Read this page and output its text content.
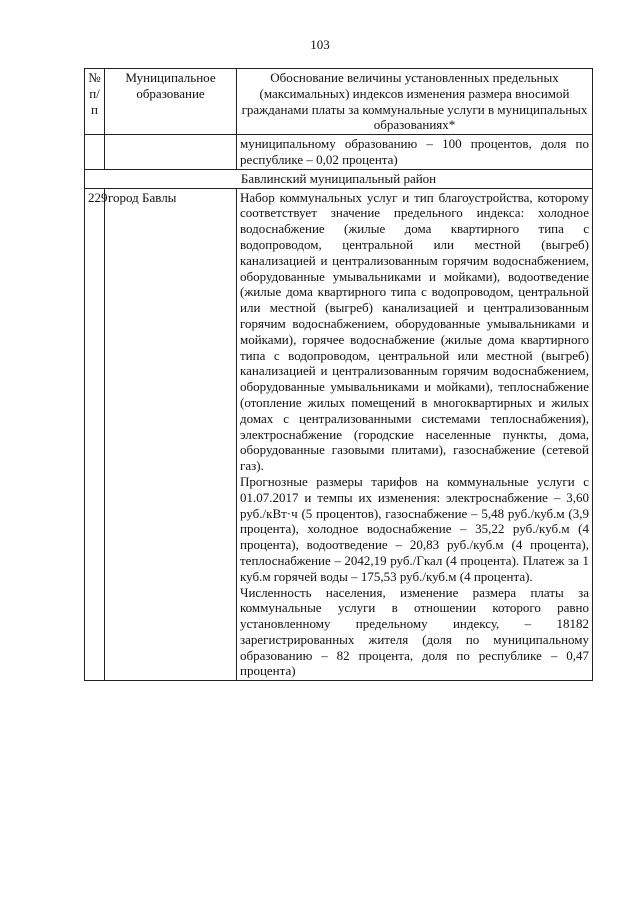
103
№ п/п	Муниципальное образование	Обоснование величины установленных предельных (максимальных) индексов изменения размера вносимой гражданами платы за коммунальные услуги в муниципальных образованиях*
		муниципальному образованию – 100 процентов, доля по республике – 0,02 процента)
Бавлинский муниципальный район		
229	город Бавлы	Набор коммунальных услуг и тип благоустройства, которому соответствует значение предельного индекса: холодное водоснабжение (жилые дома квартирного типа с водопроводом, центральной или местной (выгреб) канализацией и централизованным горячим водоснабжением, оборудованные умывальниками и мойками), водоотведение (жилые дома квартирного типа с водопроводом, центральной или местной (выгреб) канализацией и централизованным горячим водоснабжением, оборудованные умывальниками и мойками), горячее водоснабжение (жилые дома квартирного типа с водопроводом, центральной или местной (выгреб) канализацией и централизованным горячим водоснабжением, оборудованные умывальниками и мойками), теплоснабжение (отопление жилых помещений в многоквартирных и жилых домах с централизованными системами теплоснабжения), электроснабжение (городские населенные пункты, дома, оборудованные газовыми плитами), газоснабжение (сетевой газ).

Прогнозные размеры тарифов на коммунальные услуги с 01.07.2017 и темпы их изменения: электроснабжение – 3,60 руб./кВт·ч (5 процентов), газоснабжение – 5,48 руб./куб.м (3,9 процента), холодное водоснабжение – 35,22 руб./куб.м (4 процента), водоотведение – 20,83 руб./куб.м (4 процента), теплоснабжение – 2042,19 руб./Гкал (4 процента). Платеж за 1 куб.м горячей воды – 175,53 руб./куб.м (4 процента).

Численность населения, изменение размера платы за коммунальные услуги в отношении которого равно установленному предельному индексу, – 18182 зарегистрированных жителя (доля по муниципальному образованию – 82 процента, доля по республике – 0,47 процента)
